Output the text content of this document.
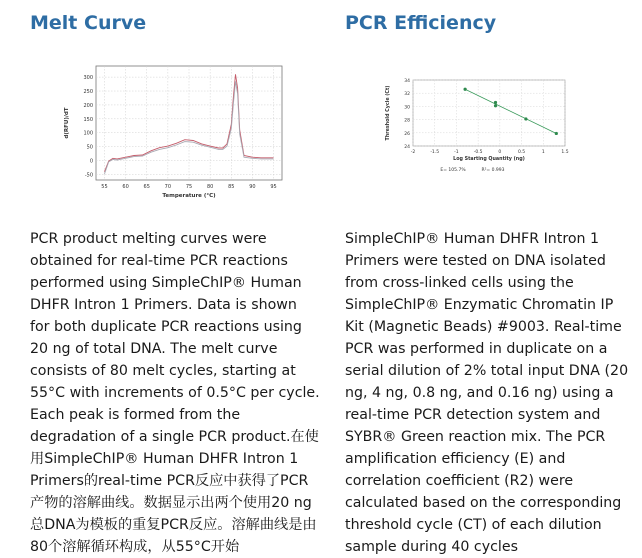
Melt Curve
-50
0
50
100
150
200
250
300
55	60	65	70	75	80	85	90	95
Temperature (°C)
d(RFU)/dT

PCR product melting curves were obtained for real-time PCR reactions performed using SimpleChIP® Human DHFR Intron 1 Primers. Data is shown for both duplicate PCR reactions using 20 ng of total DNA. The melt curve consists of 80 melt cycles, starting at 55°C with increments of 0.5°C per cycle. Each peak is formed from the degradation of a single PCR product.在使用SimpleChIP® Human DHFR Intron 1 Primers的real-time PCR反应中获得了PCR产物的溶解曲线。数据显示出两个使用20 ng总DNA为模板的重复PCR反应。溶解曲线是由80个溶解循环构成，从55°C开始

PCR Efficiency
24
26
28
30
32
34
-2	-1.5	-1	-0.5	0	0.5	1	1.5
Log Starting Quantity (ng)
Threshold Cycle (Ct)
E= 105.7%	R²= 0.993

SimpleChIP® Human DHFR Intron 1 Primers were tested on DNA isolated from cross-linked cells using the SimpleChIP® Enzymatic Chromatin IP Kit (Magnetic Beads) #9003. Real-time PCR was performed in duplicate on a serial dilution of 2% total input DNA (20 ng, 4 ng, 0.8 ng, and 0.16 ng) using a real-time PCR detection system and SYBR® Green reaction mix. The PCR amplification efficiency (E) and correlation coefficient (R2) were calculated based on the corresponding threshold cycle (CT) of each dilution sample during 40 cycles
